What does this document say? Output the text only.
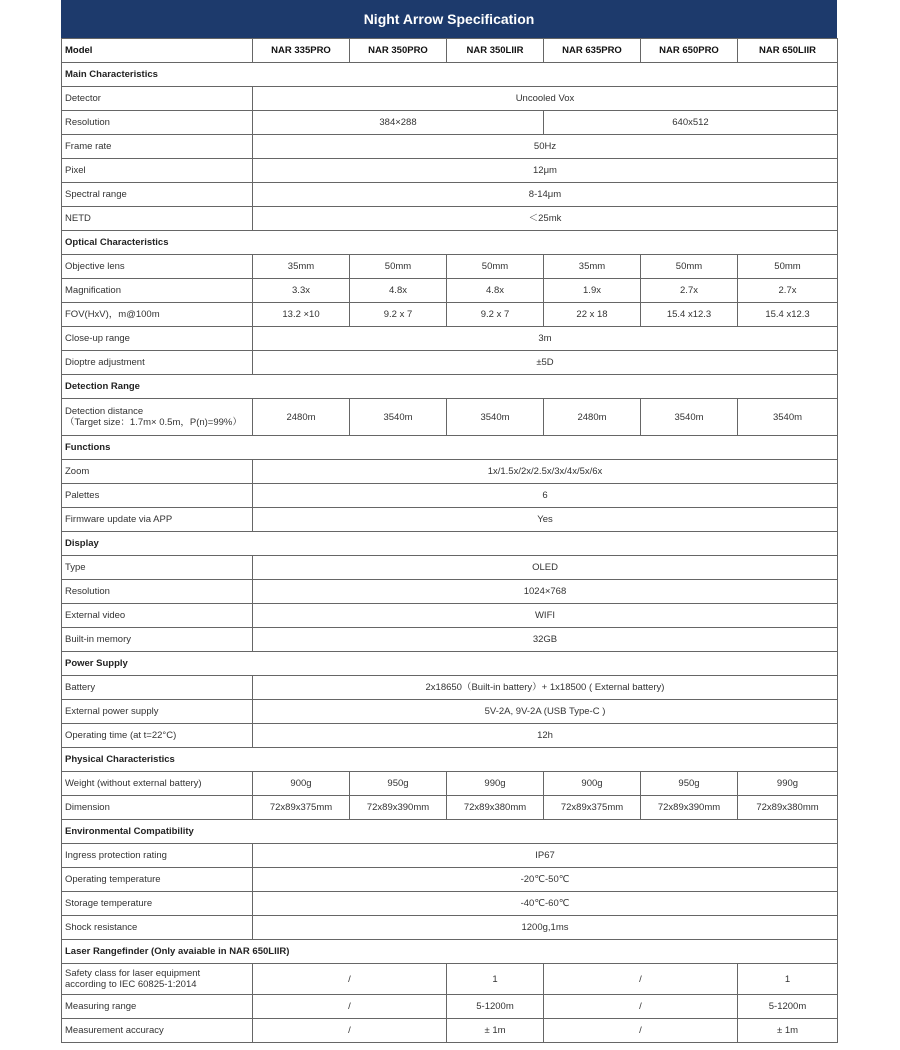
Night Arrow Specification
Model	NAR 335PRO	NAR 350PRO	NAR 350LIIR	NAR 635PRO	NAR 650PRO	NAR 650LIIR
Main Characteristics						
Detector	Uncooled Vox					
Resolution	384×288			640x512		
Frame rate	50Hz					
Pixel	12μm					
Spectral range	8-14μm					
NETD	＜25mk					
Optical Characteristics						
Objective lens	35mm	50mm	50mm	35mm	50mm	50mm
Magnification	3.3x	4.8x	4.8x	1.9x	2.7x	2.7x
FOV(HxV)，m@100m	13.2 ×10	9.2 x 7	9.2 x 7	22 x 18	15.4 x12.3	15.4 x12.3
Close-up range	3m					
Dioptre adjustment	±5D					
Detection Range						

Detection distance
（Target size：1.7m× 0.5m，P(n)=99%）	2480m	3540m	3540m	2480m	3540m	3540m
Functions						
Zoom	1x/1.5x/2x/2.5x/3x/4x/5x/6x					
Palettes	6					
Firmware update via APP	Yes					
Display						
Type	OLED					
Resolution	1024×768					
External video	WIFI					
Built-in memory	32GB					
Power Supply						
Battery	2x18650（Built-in battery）+ 1x18500 ( External battery)					
External power supply	5V-2A, 9V-2A (USB Type-C )					
Operating time (at t=22°C)	12h					
Physical Characteristics						
Weight (without external battery)	900g	950g	990g	900g	950g	990g
Dimension	72x89x375mm	72x89x390mm	72x89x380mm	72x89x375mm	72x89x390mm	72x89x380mm
Environmental Compatibility						
Ingress protection rating	IP67					
Operating temperature	-20℃-50℃					
Storage temperature	-40℃-60℃					
Shock resistance	1200g,1ms					
Laser Rangefinder (Only avaiable in NAR 650LIIR)						

Safety class for laser equipment
according to IEC 60825-1:2014	/		1	/		1
Measuring range	/		5-1200m	/		5-1200m
Measurement accuracy	/		± 1m	/		± 1m
